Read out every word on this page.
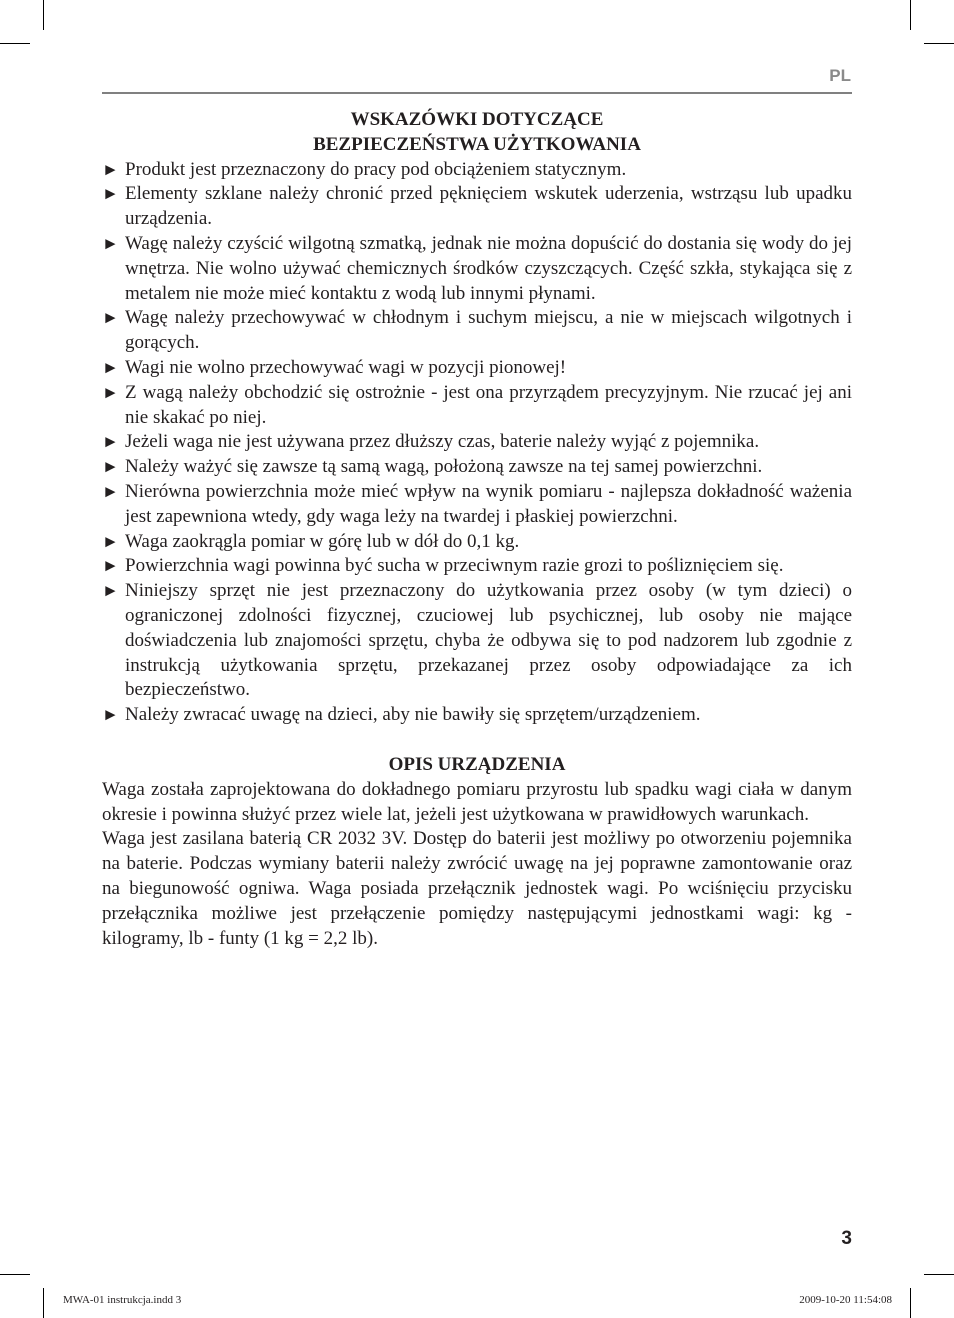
PL
WSKAZÓWKI DOTYCZĄCE
BEZPIECZEŃSTWA UŻYTKOWANIA
► Produkt jest przeznaczony do pracy pod obciążeniem statycznym.
► Elementy szklane należy chronić przed pęknięciem wskutek uderzenia, wstrząsu lub upadku urządzenia.
► Wagę należy czyścić wilgotną szmatką, jednak nie można dopuścić do dostania się wody do jej wnętrza. Nie wolno używać chemicznych środków czyszczących. Część szkła, stykająca się z metalem nie może mieć kontaktu z wodą lub innymi płynami.
► Wagę należy przechowywać w chłodnym i suchym miejscu, a nie w miejscach wilgotnych i gorących.
► Wagi nie wolno przechowywać wagi w pozycji pionowej!
► Z wagą należy obchodzić się ostrożnie - jest ona przyrządem precyzyjnym. Nie rzucać jej ani nie skakać po niej.
► Jeżeli waga nie jest używana przez dłuższy czas, baterie należy wyjąć z pojemnika.
► Należy ważyć się zawsze tą samą wagą, położoną zawsze na tej samej powierzchni.
► Nierówna powierzchnia może mieć wpływ na wynik pomiaru - najlepsza dokładność ważenia jest zapewniona wtedy, gdy waga leży na twardej i płaskiej powierzchni.
► Waga zaokrągla pomiar w górę lub w dół do 0,1 kg.
► Powierzchnia wagi powinna być sucha w przeciwnym razie grozi to pośliznięciem się.
► Niniejszy sprzęt nie jest przeznaczony do użytkowania przez osoby (w tym dzieci) o ograniczonej zdolności fizycznej, czuciowej lub psychicznej, lub osoby nie mające doświadczenia lub znajomości sprzętu, chyba że odbywa się to pod nadzorem lub zgodnie z instrukcją użytkowania sprzętu, przekazanej przez osoby odpowiadające za ich bezpieczeństwo.
► Należy zwracać uwagę na dzieci, aby nie bawiły się sprzętem/urządzeniem.
OPIS URZĄDZENIA

Waga została zaprojektowana do dokładnego pomiaru przyrostu lub spadku wagi ciała w danym okresie i powinna służyć przez wiele lat, jeżeli jest użytkowana w prawidłowych warunkach.

Waga jest zasilana baterią CR 2032 3V. Dostęp do baterii jest możliwy po otworzeniu pojemnika na baterie. Podczas wymiany baterii należy zwrócić uwagę na jej poprawne zamontowanie oraz na biegunowość ogniwa. Waga posiada przełącznik jednostek wagi. Po wciśnięciu przycisku przełącznika możliwe jest przełączenie pomiędzy następującymi jednostkami wagi: kg - kilogramy, lb - funty (1 kg = 2,2 lb).

3
MWA-01 instrukcja.indd 3	2009-10-20 11:54:08
